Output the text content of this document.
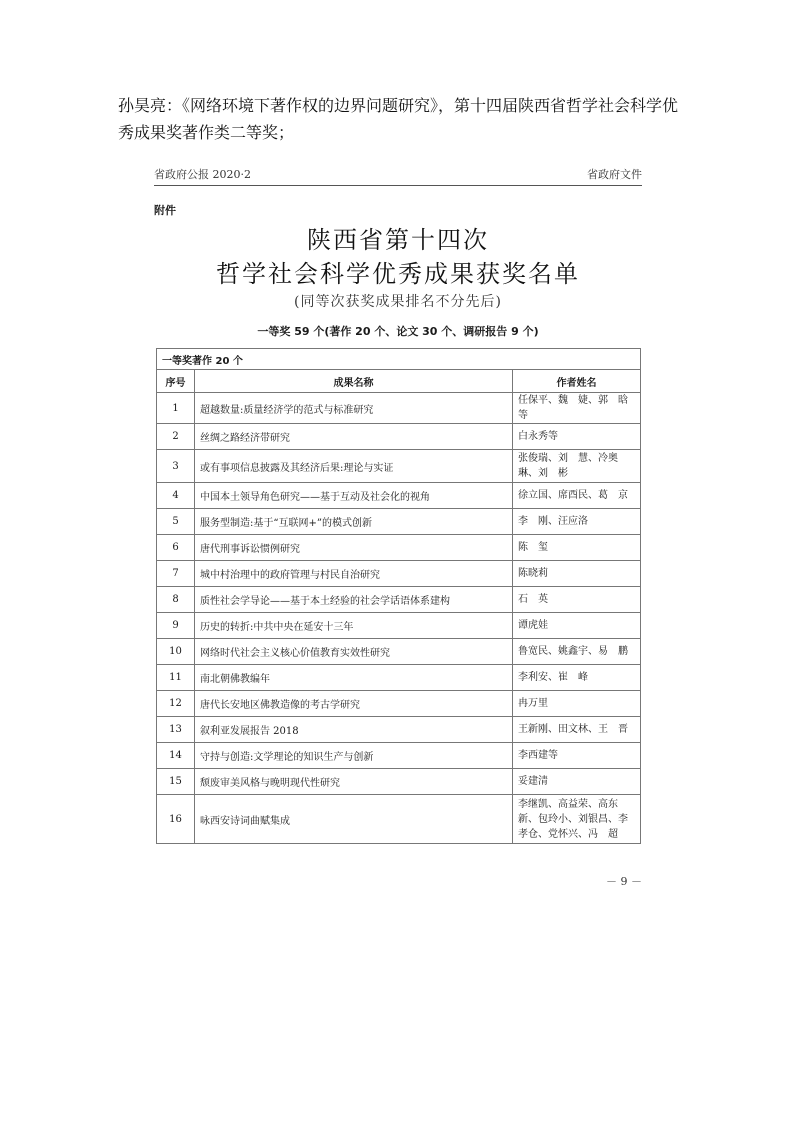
孙昊亮：《网络环境下著作权的边界问题研究》，第十四届陕西省哲学社会科学优秀成果奖著作类二等奖；
省政府公报 2020·2	省政府文件
附件
陕西省第十四次
哲学社会科学优秀成果获奖名单
(同等次获奖成果排名不分先后)
一等奖 59 个(著作 20 个、论文 30 个、调研报告 9 个)
一等奖著作 20 个		
序号	成果名称	作者姓名
1	超越数量:质量经济学的范式与标准研究	任保平、魏　婕、郭　晗等
2	丝绸之路经济带研究	白永秀等
3	或有事项信息披露及其经济后果:理论与实证	张俊瑞、刘　慧、冷奥琳、刘　彬
4	中国本土领导角色研究——基于互动及社会化的视角	徐立国、席酉民、葛　京
5	服务型制造:基于“互联网+”的模式创新	李　刚、汪应洛
6	唐代刑事诉讼惯例研究	陈　玺
7	城中村治理中的政府管理与村民自治研究	陈晓莉
8	质性社会学导论——基于本土经验的社会学话语体系建构	石　英
9	历史的转折:中共中央在延安十三年	谭虎娃
10	网络时代社会主义核心价值教育实效性研究	鲁宽民、姚鑫宇、易　鹏
11	南北朝佛教编年	李利安、崔　峰
12	唐代长安地区佛教造像的考古学研究	冉万里
13	叙利亚发展报告 2018	王新刚、田文林、王　晋
14	守持与创造:文学理论的知识生产与创新	李西建等
15	颓废审美风格与晚明现代性研究	妥建清
16	咏西安诗词曲赋集成	李继凯、高益荣、高东新、包玲小、刘银昌、李孝仓、党怀兴、冯　超
－ 9 －
